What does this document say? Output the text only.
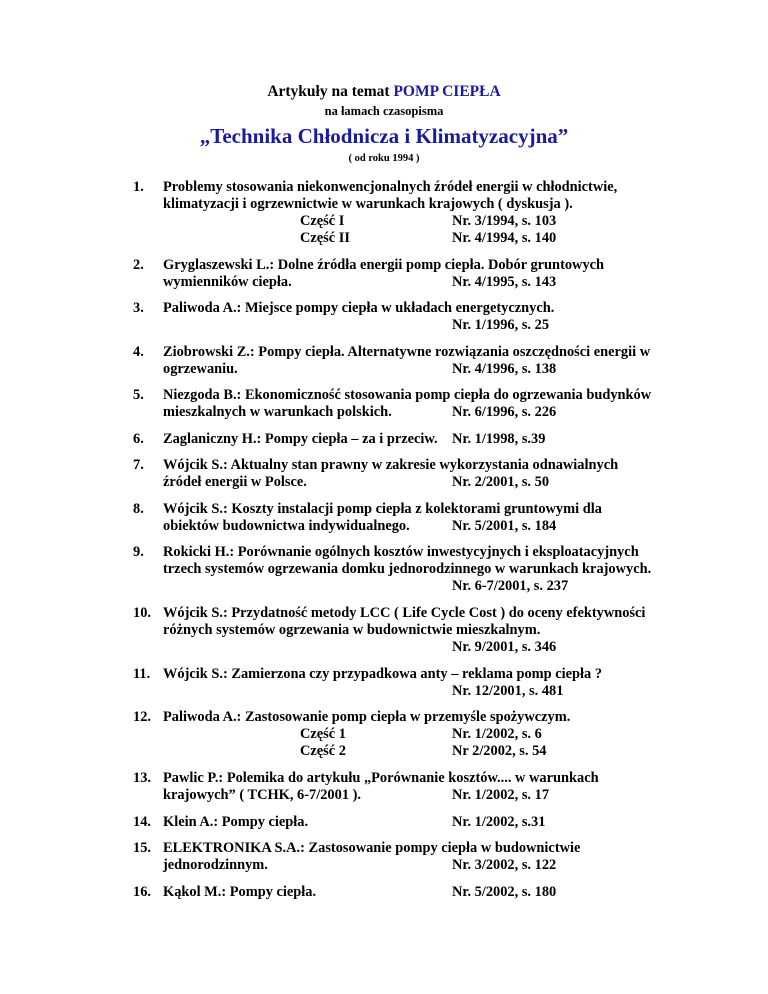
Artykuły na temat POMP CIEPŁA
na łamach czasopisma
„Technika Chłodnicza i Klimatyzacyjna”
( od roku 1994 )
1. Problemy stosowania niekonwencjonalnych źródeł energii w chłodnictwie,
klimatyzacji i ogrzewnictwie w warunkach krajowych ( dyskusja ).
Część I	Nr. 3/1994, s. 103
Część II	Nr. 4/1994, s. 140
2. Gryglaszewski L.: Dolne źródła energii pomp ciepła. Dobór gruntowych
wymienników ciepła.	Nr. 4/1995, s. 143
3. Paliwoda A.: Miejsce pompy ciepła w układach energetycznych.
Nr. 1/1996, s. 25
4. Ziobrowski Z.: Pompy ciepła. Alternatywne rozwiązania oszczędności energii w
ogrzewaniu.	Nr. 4/1996, s. 138
5. Niezgoda B.: Ekonomiczność stosowania pomp ciepła do ogrzewania budynków
mieszkalnych w warunkach polskich.	Nr. 6/1996, s. 226
6. Zaglaniczny H.: Pompy ciepła – za i przeciw. Nr. 1/1998, s.39
7. Wójcik S.: Aktualny stan prawny w zakresie wykorzystania odnawialnych
źródeł energii w Polsce.	Nr. 2/2001, s. 50
8. Wójcik S.: Koszty instalacji pomp ciepła z kolektorami gruntowymi dla
obiektów budownictwa indywidualnego.	Nr. 5/2001, s. 184
9. Rokicki H.: Porównanie ogólnych kosztów inwestycyjnych i eksploatacyjnych
trzech systemów ogrzewania domku jednorodzinnego w warunkach krajowych.
Nr. 6-7/2001, s. 237
10. Wójcik S.: Przydatność metody LCC ( Life Cycle Cost ) do oceny efektywności
różnych systemów ogrzewania w budownictwie mieszkalnym.
Nr. 9/2001, s. 346
11. Wójcik S.: Zamierzona czy przypadkowa anty – reklama pomp ciepła ?
Nr. 12/2001, s. 481
12. Paliwoda A.: Zastosowanie pomp ciepła w przemyśle spożywczym.
Część 1	Nr. 1/2002, s. 6
Część 2	Nr 2/2002, s. 54
13. Pawlic P.: Polemika do artykułu „Porównanie kosztów.... w warunkach
krajowych” ( TCHK, 6-7/2001 ).	Nr. 1/2002, s. 17
14. Klein A.: Pompy ciepła.	Nr. 1/2002, s.31
15. ELEKTRONIKA S.A.: Zastosowanie pompy ciepła w budownictwie
jednorodzinnym.	Nr. 3/2002, s. 122
16. Kąkol M.: Pompy ciepła.	Nr. 5/2002, s. 180
